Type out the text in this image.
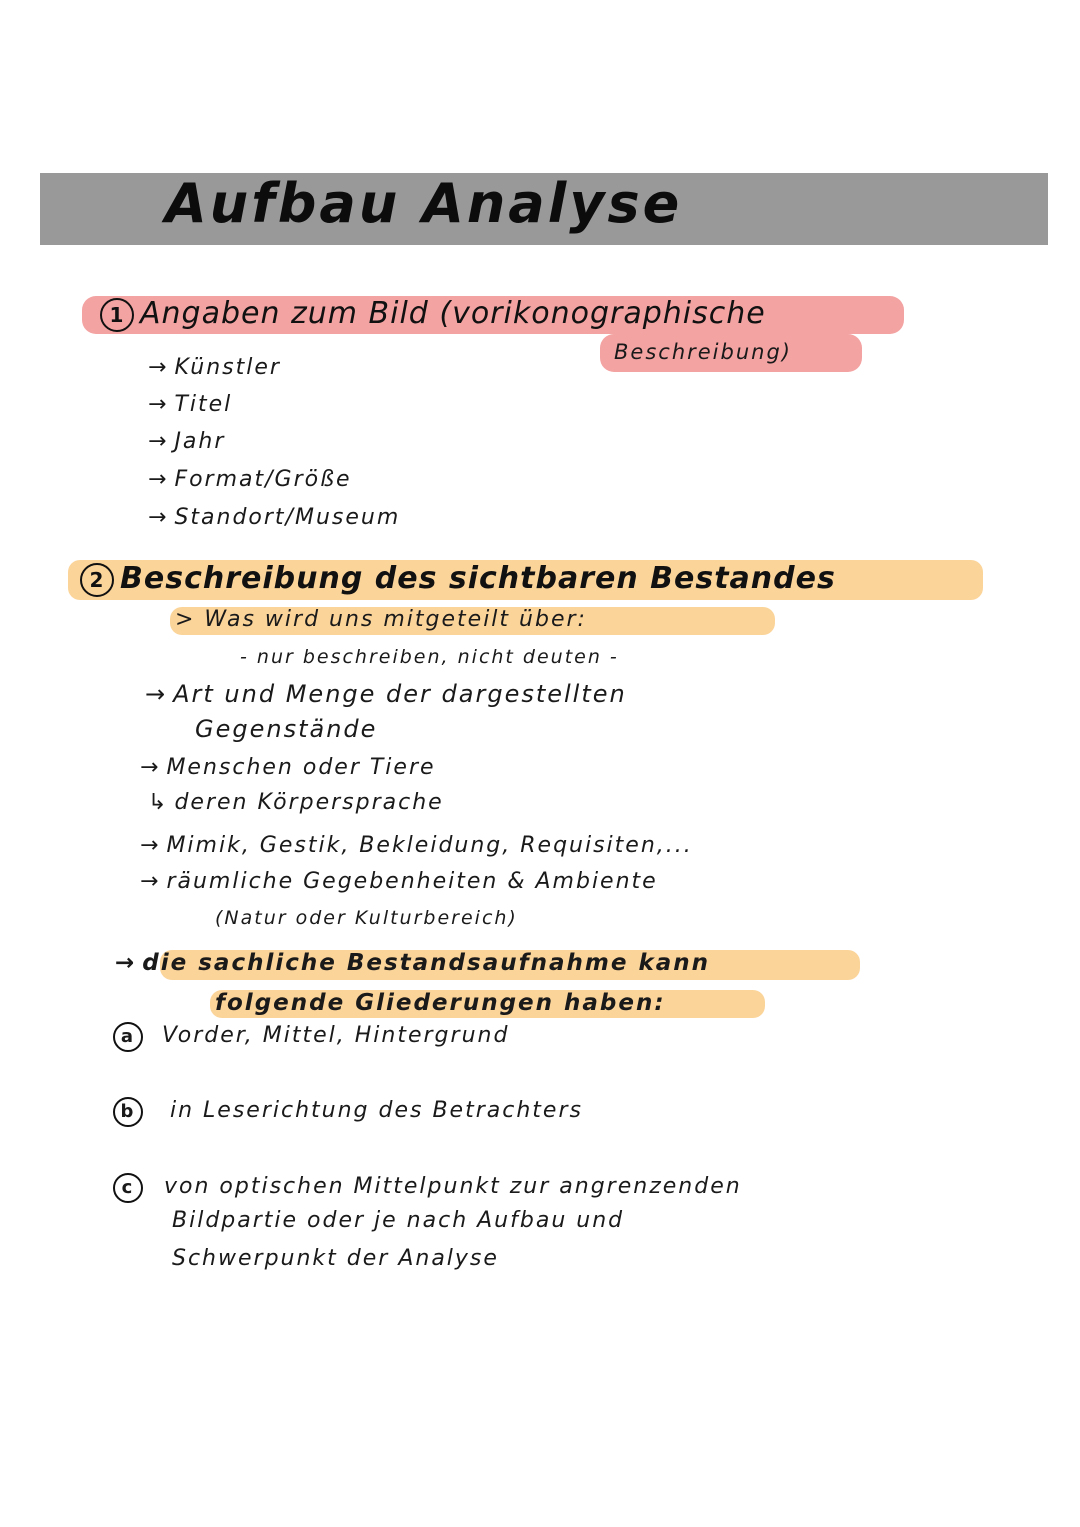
Aufbau Analyse
1 Angaben zum Bild (vorikonographische
Beschreibung)
→ Künstler
→ Titel
→ Jahr
→ Format/Größe
→ Standort/Museum
2 Beschreibung des sichtbaren Bestandes
> Was wird uns mitgeteilt über:
- nur beschreiben, nicht deuten -
→ Art und Menge der dargestellten
Gegenstände
→ Menschen oder Tiere
↳ deren Körpersprache
→ Mimik, Gestik, Bekleidung, Requisiten,...
→ räumliche Gegebenheiten & Ambiente
(Natur oder Kulturbereich)
→ die sachliche Bestandsaufnahme kann
folgende Gliederungen haben:
a Vorder, Mittel, Hintergrund
b in Leserichtung des Betrachters
c von optischen Mittelpunkt zur angrenzenden
Bildpartie oder je nach Aufbau und
Schwerpunkt der Analyse
